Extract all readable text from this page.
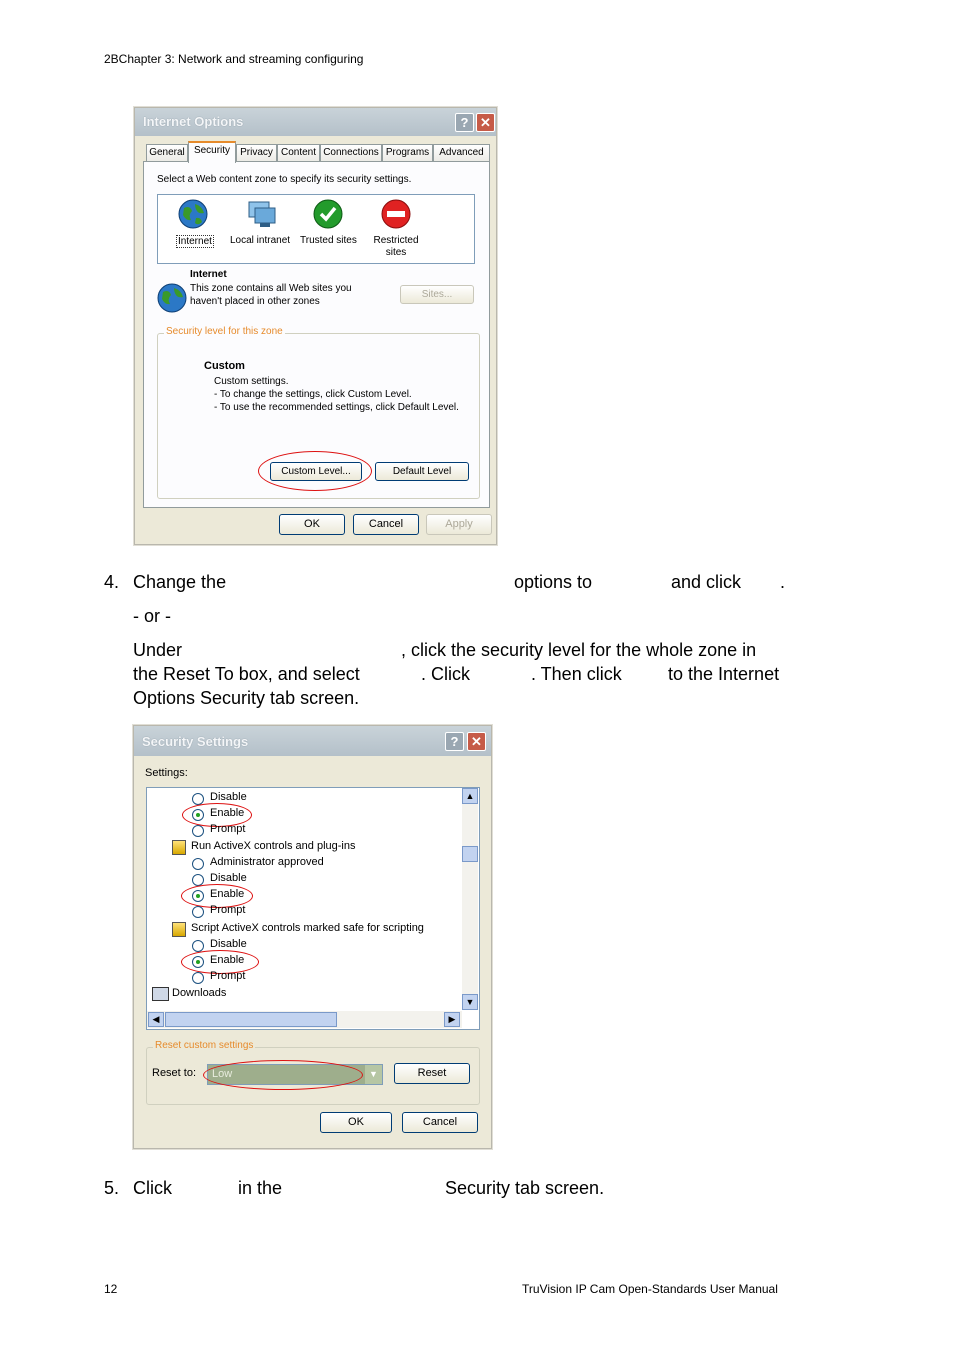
2BChapter 3: Network and streaming configuring
Internet Options	? ✕
General Security	Privacy Content Connections Programs	Advanced
Select a Web content zone to specify its security settings.
Internet Local intranet Trusted sites Restricted sites
Internet
This zone contains all Web sites you
haven't placed in other zones
Sites...
Security level for this zone
Custom
Custom settings.
- To change the settings, click Custom Level.
- To use the recommended settings, click Default Level.
Custom Level...	Default Level
OK	Cancel	Apply
4. Change the	options to	and click .
- or -
Under	, click the security level for the whole zone in
the Reset To box, and select	. Click	. Then click	to the Internet
Options Security tab screen.
Security Settings	? ✕
Settings:
Disable
Enable
Prompt
Run ActiveX controls and plug-ins
Administrator approved
Disable
Enable
Prompt
Script ActiveX controls marked safe for scripting
Disable
Enable
Prompt
Downloads
▲
▼
◀	▶
Reset custom settings
Reset to: Low	▼	Reset
OK	Cancel
5. Click	in the	Security tab screen.
12	TruVision IP Cam Open-Standards User Manual
